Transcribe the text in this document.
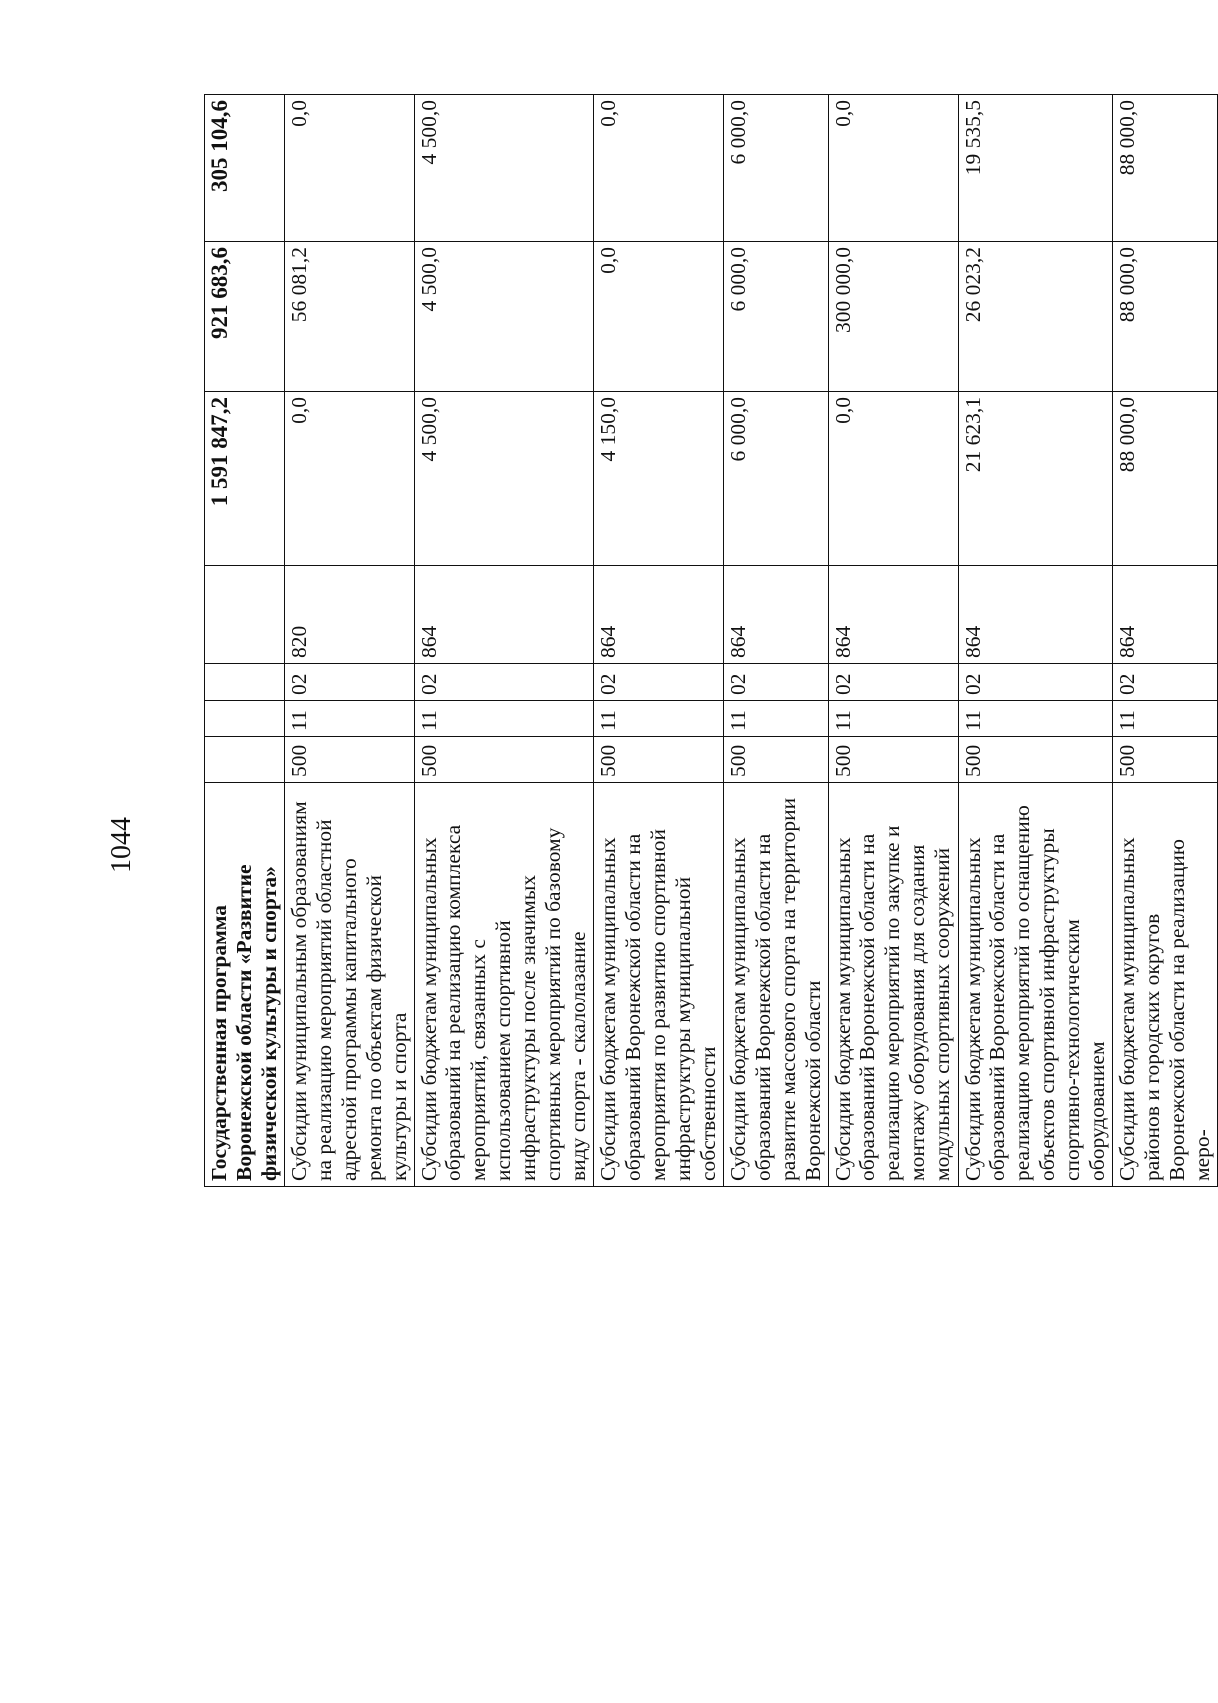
1044
Государственная программа Воронежской области «Развитие физической культуры и спорта»					1 591 847,2	921 683,6	305 104,6
Субсидии муниципальным образованиям на реализацию мероприятий областной адресной программы капитального ремонта по объектам физической культуры и спорта	500	11	02	820	0,0	56 081,2	0,0
Субсидии бюджетам муниципальных образований на реализацию комплекса мероприятий, связанных с использованием спортивной инфраструктуры после значимых спортивных мероприятий по базовому виду спорта - скалолазание	500	11	02	864	4 500,0	4 500,0	4 500,0
Субсидии бюджетам муниципальных образований Воронежской области на мероприятия по развитию спортивной инфраструктуры муниципальной собственности	500	11	02	864	4 150,0	0,0	0,0
Субсидии бюджетам муниципальных образований Воронежской области на развитие массового спорта на территории Воронежской области	500	11	02	864	6 000,0	6 000,0	6 000,0
Субсидии бюджетам муниципальных образований Воронежской области на реализацию мероприятий по закупке и монтажу оборудования для создания модульных спортивных сооружений	500	11	02	864	0,0	300 000,0	0,0
Субсидии бюджетам муниципальных образований Воронежской области на реализацию мероприятий по оснащению объектов спортивной инфраструктуры спортивно-технологическим оборудованием	500	11	02	864	21 623,1	26 023,2	19 535,5
Субсидии бюджетам муниципальных районов и городских округов Воронежской области на реализацию меро-	500	11	02	864	88 000,0	88 000,0	88 000,0
